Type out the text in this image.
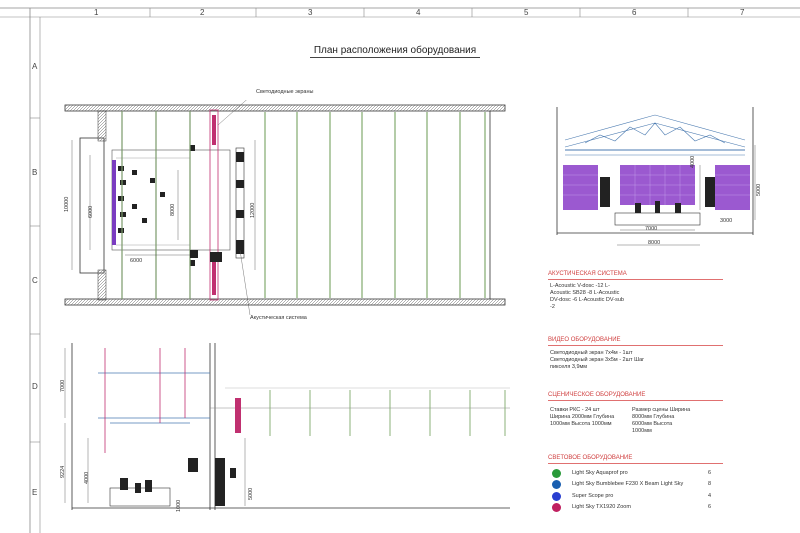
1	2	3	4	5	6	7
A
B
C
D
E
План расположения оборудования
10000	6000
6000
8000	12000
Светодиодные экраны
Акустическая система
4000
5000
3000
7000
8000
7000
9224	4000
5000
1000
АКУСТИЧЕСКАЯ СИСТЕМА
L-Acoustic V-dosc -12 L-
Acoustic SB28 -8 L-Acoustic
DV-dosc -6 L-Acoustic DV-sub
-2
ВИДЕО ОБОРУДОВАНИЕ
Светодиодный экран 7х4м - 1шт
Светодиодный экран 3х5м - 2шт Шаг
пикселя 3,9мм
СЦЕНИЧЕСКОЕ ОБОРУДОВАНИЕ
Ставки РКС - 24 шт
Ширина 2000мм Глубина
1000мм Высота 1000мм
Размер сцены Ширина
8000мм Глубина
6000мм Высота
1000мм
СВЕТОВОЕ ОБОРУДОВАНИЕ
Light Sky Aquaprof pro	6
Light Sky Bumblebee F230 X Beam Light Sky	8
Super Scope pro	4
Light Sky TX1920 Zoom	6
